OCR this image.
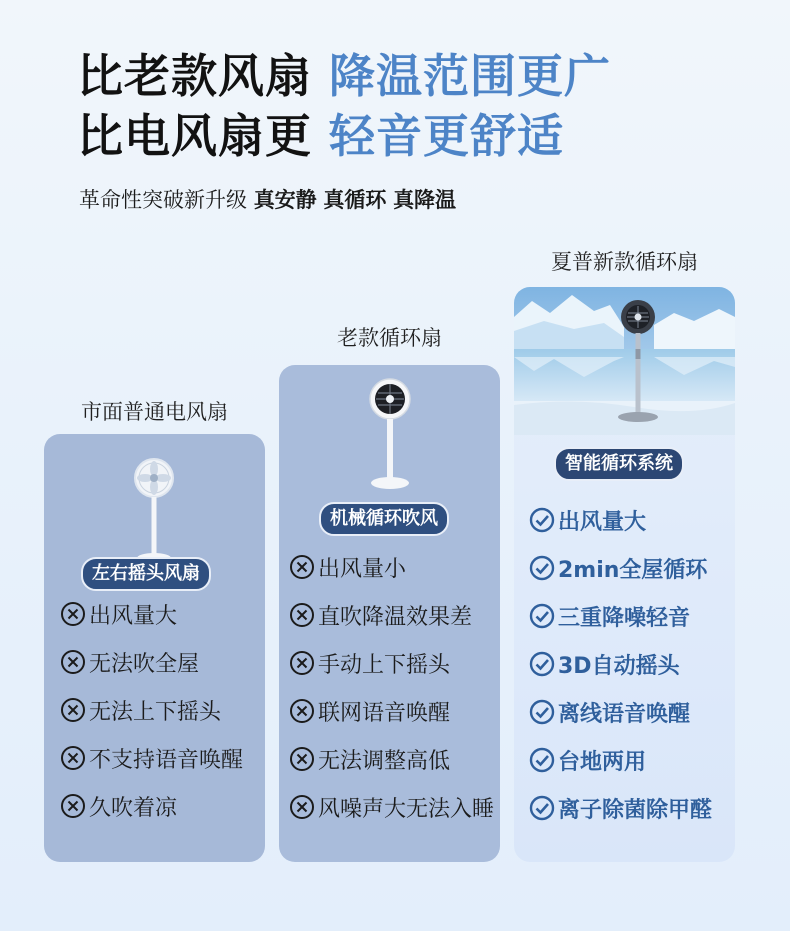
比老款风扇 降温范围更广
比电风扇更 轻音更舒适
革命性突破新升级 真安静 真循环 真降温
市面普通电风扇
老款循环扇
夏普新款循环扇
左右摇头风扇
出风量大
无法吹全屋
无法上下摇头
不支持语音唤醒
久吹着凉
机械循环吹风
出风量小
直吹降温效果差
手动上下摇头
联网语音唤醒
无法调整高低
风噪声大无法入睡
智能循环系统
出风量大
2min全屋循环
三重降噪轻音
3D自动摇头
离线语音唤醒
台地两用
离子除菌除甲醛
